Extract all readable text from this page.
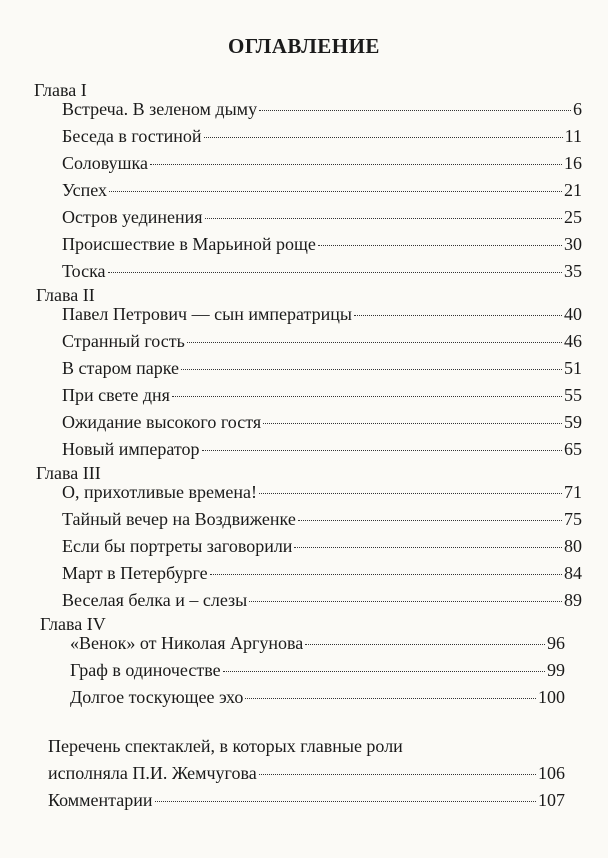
ОГЛАВЛЕНИЕ
Глава I
Встреча. В зеленом дыму	6
Беседа в гостиной	11
Соловушка	16
Успех	21
Остров уединения	25
Происшествие в Марьиной роще	30
Тоска	35
Глава II
Павел Петрович — сын императрицы	40
Странный гость	46
В старом парке	51
При свете дня	55
Ожидание высокого гостя	59
Новый император	65
Глава III
О, прихотливые времена!	71
Тайный вечер на Воздвиженке	75
Если бы портреты заговорили	80
Март в Петербурге	84
Веселая белка и – слезы	89
Глава IV
«Венок» от Николая Аргунова	96
Граф в одиночестве	99
Долгое тоскующее эхо	100
Перечень спектаклей, в которых главные роли
исполняла П.И. Жемчугова	106
Комментарии	107
